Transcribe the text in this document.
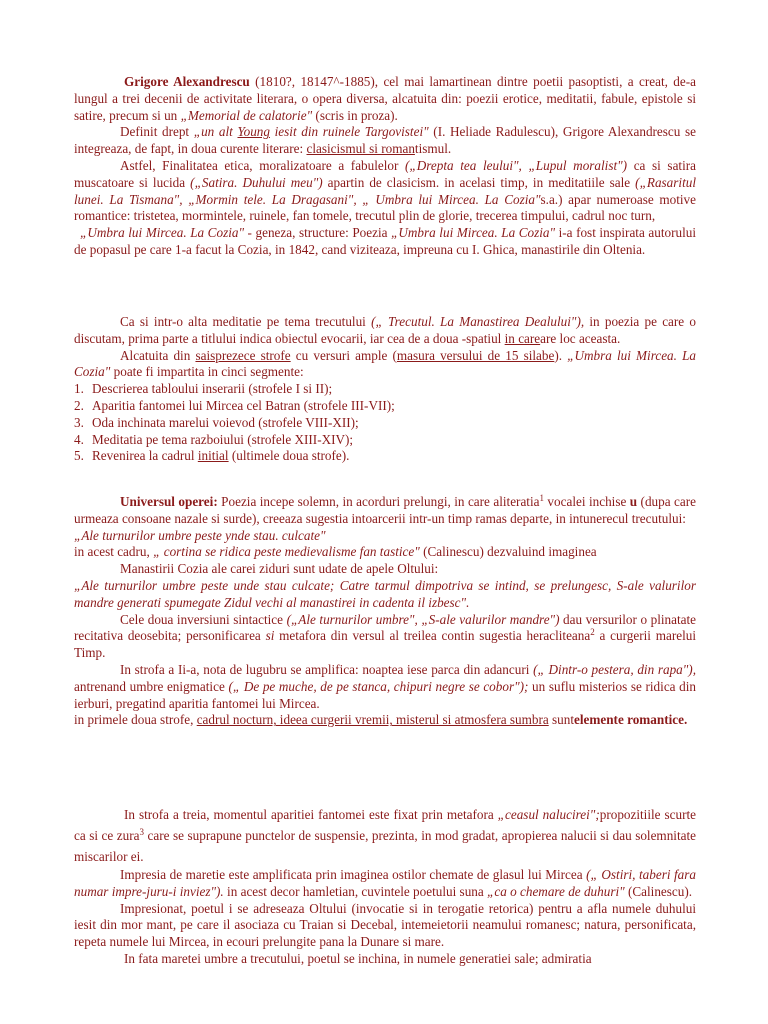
Grigore Alexandrescu (1810?, 18147^-1885), cel mai lamartinean dintre poetii pasoptisti, a creat, de-a lungul a trei decenii de activitate literara, o opera diversa, alcatuita din: poezii erotice, meditatii, fabule, epistole si satire, precum si un „Memorial de calatorie" (scris in proza).

Definit drept „un alt Young iesit din ruinele Targovistei" (I. Heliade Radulescu), Grigore Alexandrescu se integreaza, de fapt, in doua curente literare: clasicismul si romantismul.

Astfel, Finalitatea etica, moralizatoare a fabulelor („Drepta tea leului", „Lupul moralist") ca si satira muscatoare si lucida („Satira. Duhului meu") apartin de clasicism. in acelasi timp, in meditatiile sale („Rasaritul lunei. La Tismana", „Mormin tele. La Dragasani", „ Umbra lui Mircea. La Cozia"s.a.) apar numeroase motive romantice: tristetea, mormintele, ruinele, fan tomele, trecutul plin de glorie, trecerea timpului, cadrul noc turn,

„Umbra lui Mircea. La Cozia" - geneza, structure: Poezia „Umbra lui Mircea. La Cozia" i-a fost inspirata autorului de popasul pe care 1-a facut la Cozia, in 1842, cand viziteaza, impreuna cu I. Ghica, manastirile din Oltenia.

Ca si intr-o alta meditatie pe tema trecutului („ Trecutul. La Manastirea Dealului"), in poezia pe care o discutam, prima parte a titlului indica obiectul evocarii, iar cea de a doua -spatiul in careare loc aceasta.

Alcatuita din saisprezece strofe cu versuri ample (masura versului de 15 silabe). „Umbra lui Mircea. La Cozia" poate fi impartita in cinci segmente:

1. Descrierea tabloului inserarii (strofele I si II);
2. Aparitia fantomei lui Mircea cel Batran (strofele III-VII);
3. Oda inchinata marelui voievod (strofele VIII-XII);
4. Meditatia pe tema razboiului (strofele XIII-XIV);
5. Revenirea la cadrul initial (ultimele doua strofe).

Universul operei: Poezia incepe solemn, in acorduri prelungi, in care aliteratia$^1$ vocalei inchise u (dupa care urmeaza consoane nazale si surde), creeaza sugestia intoarcerii intr-un timp ramas departe, in intunerecul trecutului:

„Ale turnurilor umbre peste ynde stau. culcate"

in acest cadru, „ cortina se ridica peste medievalisme fan tastice" (Calinescu) dezvaluind imaginea

Manastirii Cozia ale carei ziduri sunt udate de apele Oltului:

„Ale turnurilor umbre peste unde stau culcate; Catre tarmul dimpotriva se intind, se prelungesc, S-ale valurilor mandre generati spumegate Zidul vechi al manastirei in cadenta il izbesc".

Cele doua inversiuni sintactice („Ale turnurilor umbre", „S-ale valurilor mandre") dau versurilor o plinatate recitativa deosebita; personificarea si metafora din versul al treilea contin sugestia heracliteana$^2$ a curgerii marelui Timp.

In strofa a Ii-a, nota de lugubru se amplifica: noaptea iese parca din adancuri („ Dintr-o pestera, din rapa"), antrenand umbre enigmatice („ De pe muche, de pe stanca, chipuri negre se cobor"); un suflu misterios se ridica din ierburi, pregatind aparitia fantomei lui Mircea.

in primele doua strofe, cadrul nocturn, ideea curgerii vremii, misterul si atmosfera sumbra suntelemente romantice.

In strofa a treia, momentul aparitiei fantomei este fixat prin metafora „ceasul nalucirei";propozitiile scurte ca si ce zura$^3$ care se suprapune punctelor de suspensie, prezinta, in mod gradat, apropierea nalucii si dau solemnitate miscarilor ei.

Impresia de maretie este amplificata prin imaginea ostilor chemate de glasul lui Mircea („ Ostiri, taberi fara numar impre-juru-i inviez"). in acest decor hamletian, cuvintele poetului suna „ca o chemare de duhuri" (Calinescu).

Impresionat, poetul i se adreseaza Oltului (invocatie si in terogatie retorica) pentru a afla numele duhului iesit din mor mant, pe care il asociaza cu Traian si Decebal, intemeietorii neamului romanesc; natura, personificata, repeta numele lui Mircea, in ecouri prelungite pana la Dunare si mare.

In fata maretei umbre a trecutului, poetul se inchina, in numele generatiei sale; admiratia
